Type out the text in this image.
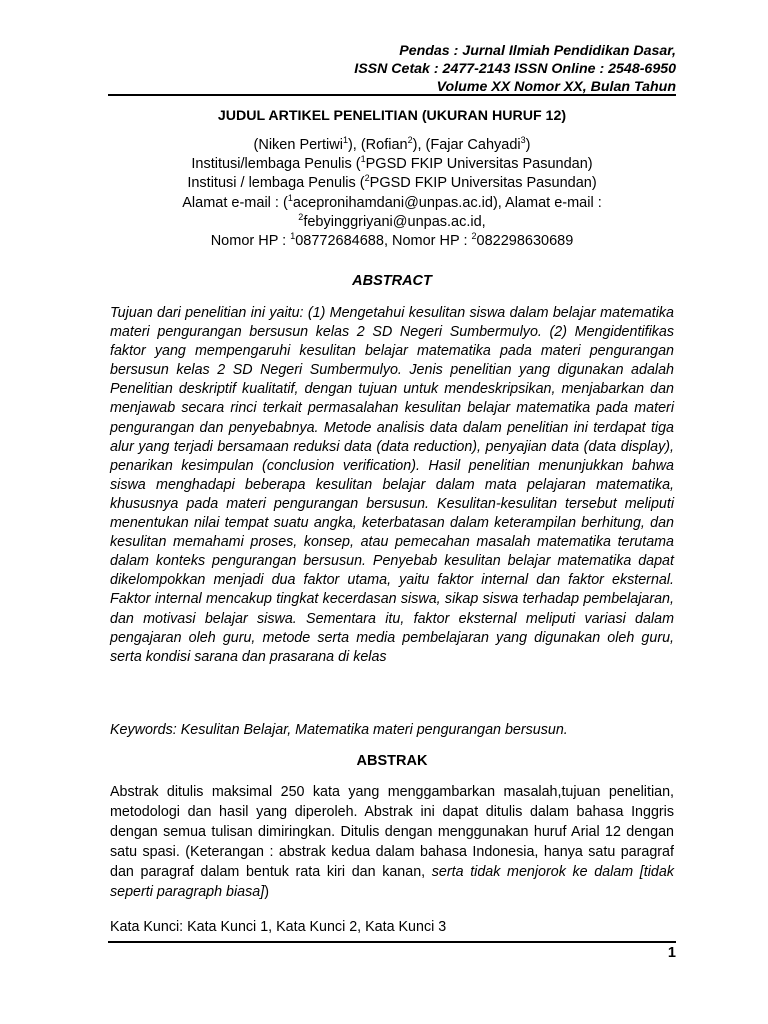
Pendas : Jurnal Ilmiah Pendidikan Dasar,
ISSN Cetak : 2477-2143 ISSN Online : 2548-6950
Volume XX Nomor XX, Bulan Tahun
JUDUL ARTIKEL PENELITIAN (UKURAN HURUF 12)
(Niken Pertiwi$^1$), (Rofian$^2$), (Fajar Cahyadi$^3$)
Institusi/lembaga Penulis ($^1$PGSD FKIP Universitas Pasundan)
Institusi / lembaga Penulis ($^2$PGSD FKIP Universitas Pasundan)
Alamat e-mail : ($^1$acepronihamdani@unpas.ac.id), Alamat e-mail :
$^2$febyinggriyani@unpas.ac.id,
Nomor HP : $^1$08772684688, Nomor HP : $^2$082298630689
ABSTRACT
Tujuan dari penelitian ini yaitu: (1) Mengetahui kesulitan siswa dalam belajar matematika materi pengurangan bersusun kelas 2 SD Negeri Sumbermulyo. (2) Mengidentifikas faktor yang mempengaruhi kesulitan belajar matematika pada materi pengurangan bersusun kelas 2 SD Negeri Sumbermulyo. Jenis penelitian yang digunakan adalah Penelitian deskriptif kualitatif, dengan tujuan untuk mendeskripsikan, menjabarkan dan menjawab secara rinci terkait permasalahan kesulitan belajar matematika pada materi pengurangan dan penyebabnya. Metode analisis data dalam penelitian ini terdapat tiga alur yang terjadi bersamaan reduksi data (data reduction), penyajian data (data display), penarikan kesimpulan (conclusion verification). Hasil penelitian menunjukkan bahwa siswa menghadapi beberapa kesulitan belajar dalam mata pelajaran matematika, khususnya pada materi pengurangan bersusun. Kesulitan-kesulitan tersebut meliputi menentukan nilai tempat suatu angka, keterbatasan dalam keterampilan berhitung, dan kesulitan memahami proses, konsep, atau pemecahan masalah matematika terutama dalam konteks pengurangan bersusun. Penyebab kesulitan belajar matematika dapat dikelompokkan menjadi dua faktor utama, yaitu faktor internal dan faktor eksternal. Faktor internal mencakup tingkat kecerdasan siswa, sikap siswa terhadap pembelajaran, dan motivasi belajar siswa. Sementara itu, faktor eksternal meliputi variasi dalam pengajaran oleh guru, metode serta media pembelajaran yang digunakan oleh guru, serta kondisi sarana dan prasarana di kelas
Keywords: Kesulitan Belajar, Matematika materi pengurangan bersusun.
ABSTRAK
Abstrak ditulis maksimal 250 kata yang menggambarkan masalah,tujuan penelitian, metodologi dan hasil yang diperoleh. Abstrak ini dapat ditulis dalam bahasa Inggris dengan semua tulisan dimiringkan. Ditulis dengan menggunakan huruf Arial 12 dengan satu spasi. (Keterangan : abstrak kedua dalam bahasa Indonesia, hanya satu paragraf dan paragraf dalam bentuk rata kiri dan kanan, serta tidak menjorok ke dalam [tidak seperti paragraph biasa])
Kata Kunci: Kata Kunci 1, Kata Kunci 2, Kata Kunci 3
1
